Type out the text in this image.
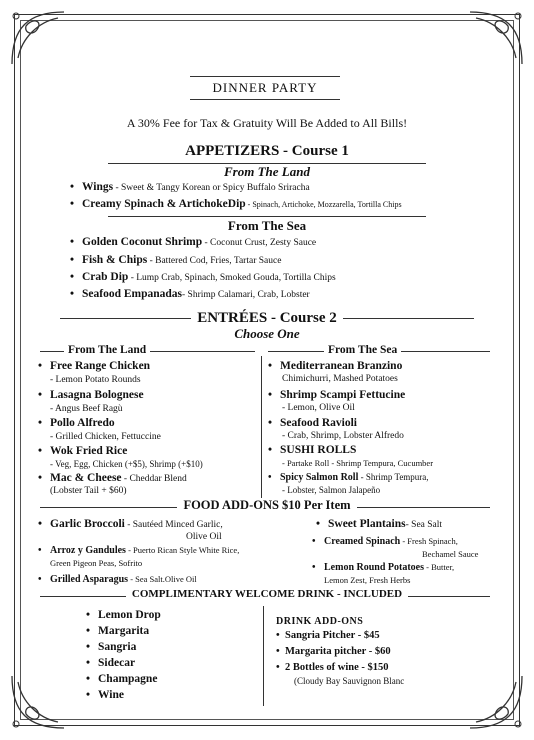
DINNER PARTY
A 30% Fee for Tax & Gratuity Will Be Added to All Bills!
APPETIZERS - Course 1
From The Land
• Wings - Sweet & Tangy Korean or Spicy Buffalo Sriracha
• Creamy Spinach & ArtichokeDip - Spinach, Artichoke, Mozzarella, Tortilla Chips
From The Sea
• Golden Coconut Shrimp - Coconut Crust, Zesty Sauce
• Fish & Chips - Battered Cod, Fries, Tartar Sauce
• Crab Dip - Lump Crab, Spinach, Smoked Gouda, Tortilla Chips
• Seafood Empanadas- Shrimp Calamari, Crab, Lobster
ENTRÉES - Course 2
Choose One
From The Land	From The Sea
• Free Range Chicken
- Lemon Potato Rounds
• Lasagna Bolognese
- Angus Beef Ragù
• Pollo Alfredo
- Grilled Chicken, Fettuccine
• Wok Fried Rice
- Veg, Egg, Chicken (+$5), Shrimp (+$10)
• Mac & Cheese - Cheddar Blend
(Lobster Tail + $60)
• Mediterranean Branzino
Chimichurri, Mashed Potatoes
• Shrimp Scampi Fettucine
- Lemon, Olive Oil
• Seafood Ravioli
- Crab, Shrimp, Lobster Alfredo
• SUSHI ROLLS
- Partake Roll - Shrimp Tempura, Cucumber
• Spicy Salmon Roll - Shrimp Tempura,
- Lobster, Salmon Jalapeño
FOOD ADD-ONS $10 Per Item
• Garlic Broccoli - Sautéed Minced Garlic,
Olive Oil
• Arroz y Gandules - Puerto Rican Style White Rice,
Green Pigeon Peas, Sofrito
• Grilled Asparagus - Sea Salt.Olive Oil
• Sweet Plantains- Sea Salt
• Creamed Spinach - Fresh Spinach,
Bechamel Sauce
• Lemon Round Potatoes - Butter,
Lemon Zest, Fresh Herbs
COMPLIMENTARY WELCOME DRINK - INCLUDED
• Lemon Drop
• Margarita
• Sangria
• Sidecar
• Champagne
• Wine
DRINK ADD-ONS
• Sangria Pitcher - $45
• Margarita pitcher - $60
• 2 Bottles of wine - $150
(Cloudy Bay Sauvignon Blanc
